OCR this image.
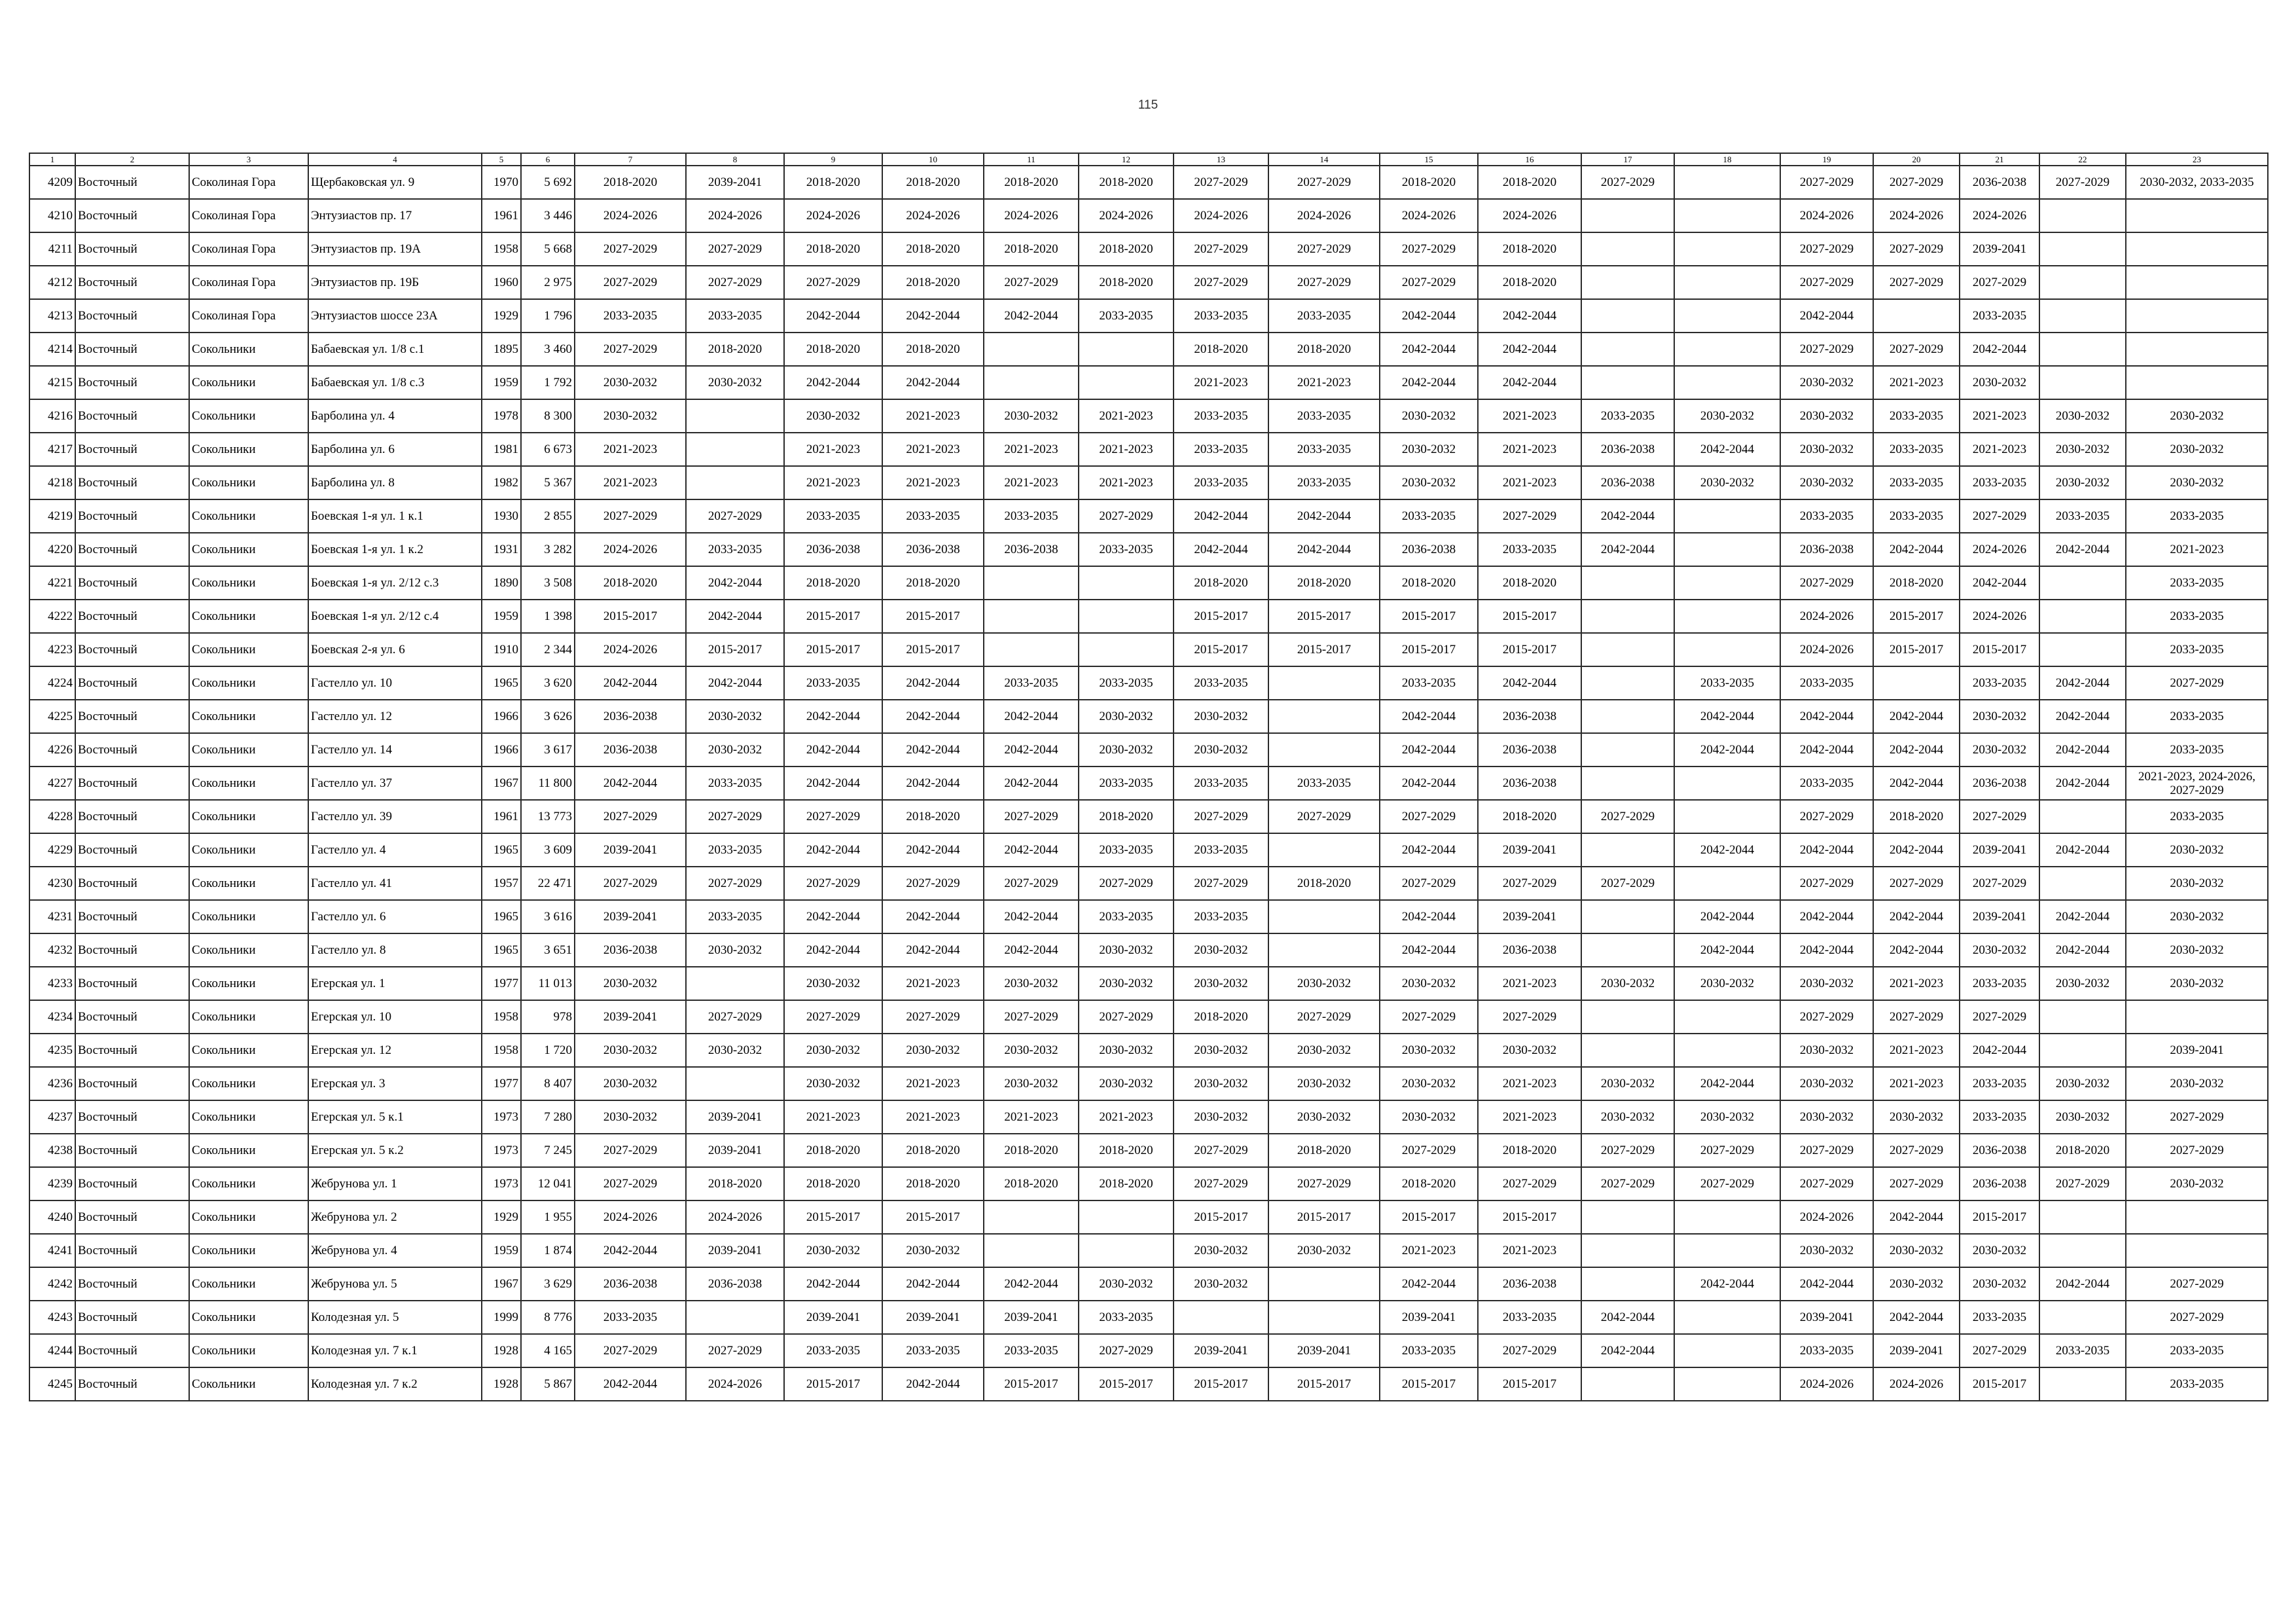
115
1	2	3	4	5	6	7	8	9	10	11	12	13	14	15	16	17	18	19	20	21	22	23
4209	Восточный	Соколиная Гора	Щербаковская ул. 9	1970	5 692	2018-2020	2039-2041	2018-2020	2018-2020	2018-2020	2018-2020	2027-2029	2027-2029	2018-2020	2018-2020	2027-2029		2027-2029	2027-2029	2036-2038	2027-2029	2030-2032, 2033-2035
4210	Восточный	Соколиная Гора	Энтузиастов пр. 17	1961	3 446	2024-2026	2024-2026	2024-2026	2024-2026	2024-2026	2024-2026	2024-2026	2024-2026	2024-2026	2024-2026			2024-2026	2024-2026	2024-2026		
4211	Восточный	Соколиная Гора	Энтузиастов пр. 19А	1958	5 668	2027-2029	2027-2029	2018-2020	2018-2020	2018-2020	2018-2020	2027-2029	2027-2029	2027-2029	2018-2020			2027-2029	2027-2029	2039-2041		
4212	Восточный	Соколиная Гора	Энтузиастов пр. 19Б	1960	2 975	2027-2029	2027-2029	2027-2029	2018-2020	2027-2029	2018-2020	2027-2029	2027-2029	2027-2029	2018-2020			2027-2029	2027-2029	2027-2029		
4213	Восточный	Соколиная Гора	Энтузиастов шоссе 23А	1929	1 796	2033-2035	2033-2035	2042-2044	2042-2044	2042-2044	2033-2035	2033-2035	2033-2035	2042-2044	2042-2044			2042-2044		2033-2035		
4214	Восточный	Сокольники	Бабаевская ул. 1/8 с.1	1895	3 460	2027-2029	2018-2020	2018-2020	2018-2020			2018-2020	2018-2020	2042-2044	2042-2044			2027-2029	2027-2029	2042-2044		
4215	Восточный	Сокольники	Бабаевская ул. 1/8 с.3	1959	1 792	2030-2032	2030-2032	2042-2044	2042-2044			2021-2023	2021-2023	2042-2044	2042-2044			2030-2032	2021-2023	2030-2032		
4216	Восточный	Сокольники	Барболина ул. 4	1978	8 300	2030-2032		2030-2032	2021-2023	2030-2032	2021-2023	2033-2035	2033-2035	2030-2032	2021-2023	2033-2035	2030-2032	2030-2032	2033-2035	2021-2023	2030-2032	2030-2032
4217	Восточный	Сокольники	Барболина ул. 6	1981	6 673	2021-2023		2021-2023	2021-2023	2021-2023	2021-2023	2033-2035	2033-2035	2030-2032	2021-2023	2036-2038	2042-2044	2030-2032	2033-2035	2021-2023	2030-2032	2030-2032
4218	Восточный	Сокольники	Барболина ул. 8	1982	5 367	2021-2023		2021-2023	2021-2023	2021-2023	2021-2023	2033-2035	2033-2035	2030-2032	2021-2023	2036-2038	2030-2032	2030-2032	2033-2035	2033-2035	2030-2032	2030-2032
4219	Восточный	Сокольники	Боевская 1-я ул. 1 к.1	1930	2 855	2027-2029	2027-2029	2033-2035	2033-2035	2033-2035	2027-2029	2042-2044	2042-2044	2033-2035	2027-2029	2042-2044		2033-2035	2033-2035	2027-2029	2033-2035	2033-2035
4220	Восточный	Сокольники	Боевская 1-я ул. 1 к.2	1931	3 282	2024-2026	2033-2035	2036-2038	2036-2038	2036-2038	2033-2035	2042-2044	2042-2044	2036-2038	2033-2035	2042-2044		2036-2038	2042-2044	2024-2026	2042-2044	2021-2023
4221	Восточный	Сокольники	Боевская 1-я ул. 2/12 с.3	1890	3 508	2018-2020	2042-2044	2018-2020	2018-2020			2018-2020	2018-2020	2018-2020	2018-2020			2027-2029	2018-2020	2042-2044		2033-2035
4222	Восточный	Сокольники	Боевская 1-я ул. 2/12 с.4	1959	1 398	2015-2017	2042-2044	2015-2017	2015-2017			2015-2017	2015-2017	2015-2017	2015-2017			2024-2026	2015-2017	2024-2026		2033-2035
4223	Восточный	Сокольники	Боевская 2-я ул. 6	1910	2 344	2024-2026	2015-2017	2015-2017	2015-2017			2015-2017	2015-2017	2015-2017	2015-2017			2024-2026	2015-2017	2015-2017		2033-2035
4224	Восточный	Сокольники	Гастелло ул. 10	1965	3 620	2042-2044	2042-2044	2033-2035	2042-2044	2033-2035	2033-2035	2033-2035		2033-2035	2042-2044		2033-2035	2033-2035		2033-2035	2042-2044	2027-2029
4225	Восточный	Сокольники	Гастелло ул. 12	1966	3 626	2036-2038	2030-2032	2042-2044	2042-2044	2042-2044	2030-2032	2030-2032		2042-2044	2036-2038		2042-2044	2042-2044	2042-2044	2030-2032	2042-2044	2033-2035
4226	Восточный	Сокольники	Гастелло ул. 14	1966	3 617	2036-2038	2030-2032	2042-2044	2042-2044	2042-2044	2030-2032	2030-2032		2042-2044	2036-2038		2042-2044	2042-2044	2042-2044	2030-2032	2042-2044	2033-2035
4227	Восточный	Сокольники	Гастелло ул. 37	1967	11 800	2042-2044	2033-2035	2042-2044	2042-2044	2042-2044	2033-2035	2033-2035	2033-2035	2042-2044	2036-2038			2033-2035	2042-2044	2036-2038	2042-2044	2021-2023, 2024-2026, 2027-2029
4228	Восточный	Сокольники	Гастелло ул. 39	1961	13 773	2027-2029	2027-2029	2027-2029	2018-2020	2027-2029	2018-2020	2027-2029	2027-2029	2027-2029	2018-2020	2027-2029		2027-2029	2018-2020	2027-2029		2033-2035
4229	Восточный	Сокольники	Гастелло ул. 4	1965	3 609	2039-2041	2033-2035	2042-2044	2042-2044	2042-2044	2033-2035	2033-2035		2042-2044	2039-2041		2042-2044	2042-2044	2042-2044	2039-2041	2042-2044	2030-2032
4230	Восточный	Сокольники	Гастелло ул. 41	1957	22 471	2027-2029	2027-2029	2027-2029	2027-2029	2027-2029	2027-2029	2027-2029	2018-2020	2027-2029	2027-2029	2027-2029		2027-2029	2027-2029	2027-2029		2030-2032
4231	Восточный	Сокольники	Гастелло ул. 6	1965	3 616	2039-2041	2033-2035	2042-2044	2042-2044	2042-2044	2033-2035	2033-2035		2042-2044	2039-2041		2042-2044	2042-2044	2042-2044	2039-2041	2042-2044	2030-2032
4232	Восточный	Сокольники	Гастелло ул. 8	1965	3 651	2036-2038	2030-2032	2042-2044	2042-2044	2042-2044	2030-2032	2030-2032		2042-2044	2036-2038		2042-2044	2042-2044	2042-2044	2030-2032	2042-2044	2030-2032
4233	Восточный	Сокольники	Егерская ул. 1	1977	11 013	2030-2032		2030-2032	2021-2023	2030-2032	2030-2032	2030-2032	2030-2032	2030-2032	2021-2023	2030-2032	2030-2032	2030-2032	2021-2023	2033-2035	2030-2032	2030-2032
4234	Восточный	Сокольники	Егерская ул. 10	1958	978	2039-2041	2027-2029	2027-2029	2027-2029	2027-2029	2027-2029	2018-2020	2027-2029	2027-2029	2027-2029			2027-2029	2027-2029	2027-2029		
4235	Восточный	Сокольники	Егерская ул. 12	1958	1 720	2030-2032	2030-2032	2030-2032	2030-2032	2030-2032	2030-2032	2030-2032	2030-2032	2030-2032	2030-2032			2030-2032	2021-2023	2042-2044		2039-2041
4236	Восточный	Сокольники	Егерская ул. 3	1977	8 407	2030-2032		2030-2032	2021-2023	2030-2032	2030-2032	2030-2032	2030-2032	2030-2032	2021-2023	2030-2032	2042-2044	2030-2032	2021-2023	2033-2035	2030-2032	2030-2032
4237	Восточный	Сокольники	Егерская ул. 5 к.1	1973	7 280	2030-2032	2039-2041	2021-2023	2021-2023	2021-2023	2021-2023	2030-2032	2030-2032	2030-2032	2021-2023	2030-2032	2030-2032	2030-2032	2030-2032	2033-2035	2030-2032	2027-2029
4238	Восточный	Сокольники	Егерская ул. 5 к.2	1973	7 245	2027-2029	2039-2041	2018-2020	2018-2020	2018-2020	2018-2020	2027-2029	2018-2020	2027-2029	2018-2020	2027-2029	2027-2029	2027-2029	2027-2029	2036-2038	2018-2020	2027-2029
4239	Восточный	Сокольники	Жебрунова ул. 1	1973	12 041	2027-2029	2018-2020	2018-2020	2018-2020	2018-2020	2018-2020	2027-2029	2027-2029	2018-2020	2027-2029	2027-2029	2027-2029	2027-2029	2027-2029	2036-2038	2027-2029	2030-2032
4240	Восточный	Сокольники	Жебрунова ул. 2	1929	1 955	2024-2026	2024-2026	2015-2017	2015-2017			2015-2017	2015-2017	2015-2017	2015-2017			2024-2026	2042-2044	2015-2017		
4241	Восточный	Сокольники	Жебрунова ул. 4	1959	1 874	2042-2044	2039-2041	2030-2032	2030-2032			2030-2032	2030-2032	2021-2023	2021-2023			2030-2032	2030-2032	2030-2032		
4242	Восточный	Сокольники	Жебрунова ул. 5	1967	3 629	2036-2038	2036-2038	2042-2044	2042-2044	2042-2044	2030-2032	2030-2032		2042-2044	2036-2038		2042-2044	2042-2044	2030-2032	2030-2032	2042-2044	2027-2029
4243	Восточный	Сокольники	Колодезная ул. 5	1999	8 776	2033-2035		2039-2041	2039-2041	2039-2041	2033-2035			2039-2041	2033-2035	2042-2044		2039-2041	2042-2044	2033-2035		2027-2029
4244	Восточный	Сокольники	Колодезная ул. 7 к.1	1928	4 165	2027-2029	2027-2029	2033-2035	2033-2035	2033-2035	2027-2029	2039-2041	2039-2041	2033-2035	2027-2029	2042-2044		2033-2035	2039-2041	2027-2029	2033-2035	2033-2035
4245	Восточный	Сокольники	Колодезная ул. 7 к.2	1928	5 867	2042-2044	2024-2026	2015-2017	2042-2044	2015-2017	2015-2017	2015-2017	2015-2017	2015-2017	2015-2017			2024-2026	2024-2026	2015-2017		2033-2035
